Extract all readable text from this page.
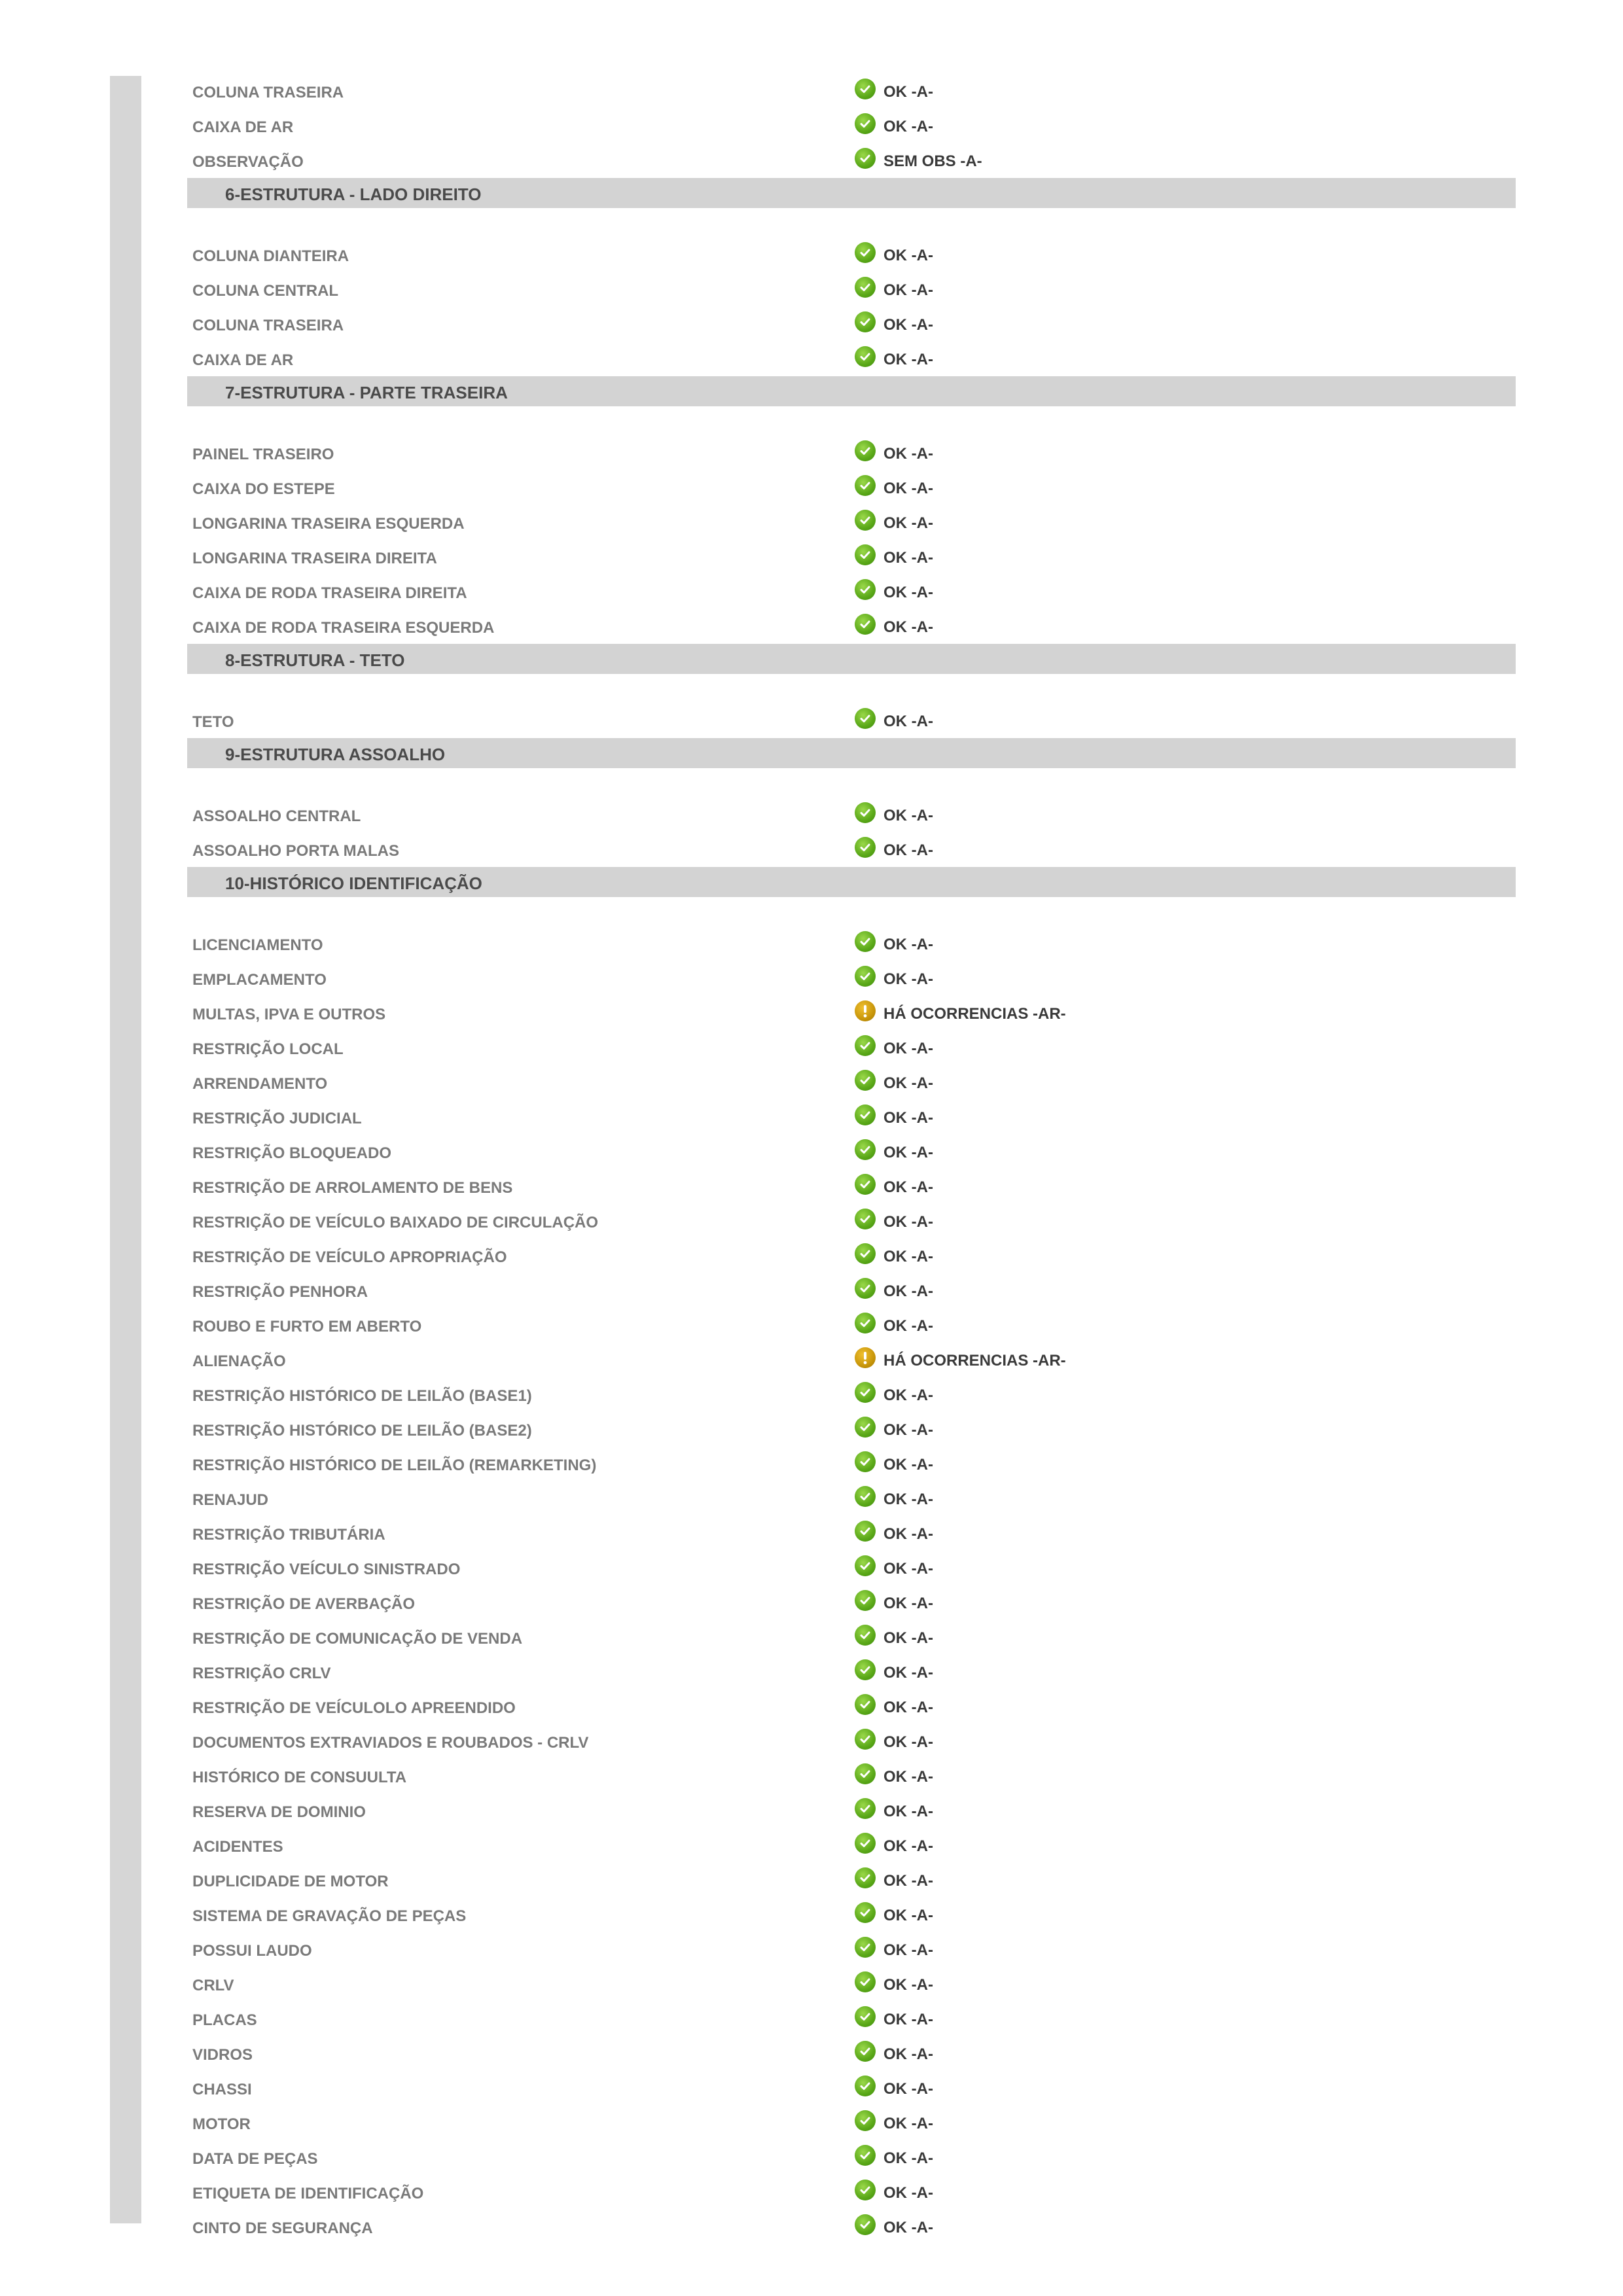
COLUNA TRASEIRA	OK -A-
CAIXA DE AR	OK -A-
OBSERVAÇÃO	SEM OBS -A-
6-ESTRUTURA - LADO DIREITO
COLUNA DIANTEIRA	OK -A-
COLUNA CENTRAL	OK -A-
COLUNA TRASEIRA	OK -A-
CAIXA DE AR	OK -A-
7-ESTRUTURA - PARTE TRASEIRA
PAINEL TRASEIRO	OK -A-
CAIXA DO ESTEPE	OK -A-
LONGARINA TRASEIRA ESQUERDA	OK -A-
LONGARINA TRASEIRA DIREITA	OK -A-
CAIXA DE RODA TRASEIRA DIREITA	OK -A-
CAIXA DE RODA TRASEIRA ESQUERDA	OK -A-
8-ESTRUTURA - TETO
TETO	OK -A-
9-ESTRUTURA ASSOALHO
ASSOALHO CENTRAL	OK -A-
ASSOALHO PORTA MALAS	OK -A-
10-HISTÓRICO IDENTIFICAÇÃO
LICENCIAMENTO	OK -A-
EMPLACAMENTO	OK -A-
MULTAS, IPVA E OUTROS	HÁ OCORRENCIAS -AR-
RESTRIÇÃO LOCAL	OK -A-
ARRENDAMENTO	OK -A-
RESTRIÇÃO JUDICIAL	OK -A-
RESTRIÇÃO BLOQUEADO	OK -A-
RESTRIÇÃO DE ARROLAMENTO DE BENS	OK -A-
RESTRIÇÃO DE VEÍCULO BAIXADO DE CIRCULAÇÃO	OK -A-
RESTRIÇÃO DE VEÍCULO APROPRIAÇÃO	OK -A-
RESTRIÇÃO PENHORA	OK -A-
ROUBO E FURTO EM ABERTO	OK -A-
ALIENAÇÃO	HÁ OCORRENCIAS -AR-
RESTRIÇÃO HISTÓRICO DE LEILÃO (BASE1)	OK -A-
RESTRIÇÃO HISTÓRICO DE LEILÃO (BASE2)	OK -A-
RESTRIÇÃO HISTÓRICO DE LEILÃO (REMARKETING)	OK -A-
RENAJUD	OK -A-
RESTRIÇÃO TRIBUTÁRIA	OK -A-
RESTRIÇÃO VEÍCULO SINISTRADO	OK -A-
RESTRIÇÃO DE AVERBAÇÃO	OK -A-
RESTRIÇÃO DE COMUNICAÇÃO DE VENDA	OK -A-
RESTRIÇÃO CRLV	OK -A-
RESTRIÇÃO DE VEÍCULOLO APREENDIDO	OK -A-
DOCUMENTOS EXTRAVIADOS E ROUBADOS - CRLV	OK -A-
HISTÓRICO DE CONSUULTA	OK -A-
RESERVA DE DOMINIO	OK -A-
ACIDENTES	OK -A-
DUPLICIDADE DE MOTOR	OK -A-
SISTEMA DE GRAVAÇÃO DE PEÇAS	OK -A-
POSSUI LAUDO	OK -A-
CRLV	OK -A-
PLACAS	OK -A-
VIDROS	OK -A-
CHASSI	OK -A-
MOTOR	OK -A-
DATA DE PEÇAS	OK -A-
ETIQUETA DE IDENTIFICAÇÃO	OK -A-
CINTO DE SEGURANÇA	OK -A-
